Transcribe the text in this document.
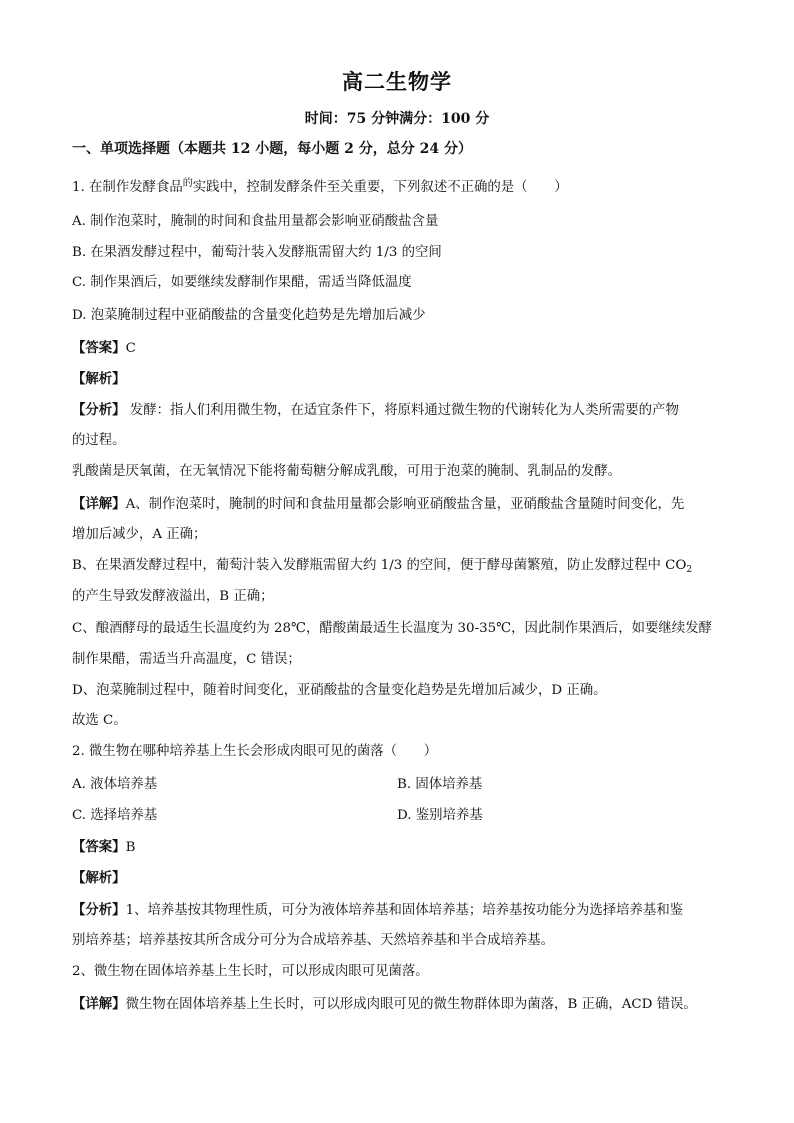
高二生物学
时间：75 分钟满分：100 分
一、单项选择题（本题共 12 小题，每小题 2 分，总分 24 分）
1. 在制作发酵食品$^的$实践中，控制发酵条件至关重要，下列叙述不正确的是（　　）
A. 制作泡菜时，腌制的时间和食盐用量都会影响亚硝酸盐含量
B. 在果酒发酵过程中，葡萄汁装入发酵瓶需留大约 1/3 的空间
C. 制作果酒后，如要继续发酵制作果醋，需适当降低温度
D. 泡菜腌制过程中亚硝酸盐的含量变化趋势是先增加后减少
【答案】C
【解析】
【分析】 发酵：指人们利用微生物，在适宜条件下，将原料通过微生物的代谢转化为人类所需要的产物
的过程。
乳酸菌是厌氧菌，在无氧情况下能将葡萄糖分解成乳酸，可用于泡菜的腌制、乳制品的发酵。
【详解】A、制作泡菜时，腌制的时间和食盐用量都会影响亚硝酸盐含量，亚硝酸盐含量随时间变化，先
增加后减少，A 正确；
B、在果酒发酵过程中，葡萄汁装入发酵瓶需留大约 1/3 的空间，便于酵母菌繁殖，防止发酵过程中 $CO_2$
的产生导致发酵液溢出，B 正确；
C、酿酒酵母的最适生长温度约为 28℃，醋酸菌最适生长温度为 30-35℃，因此制作果酒后，如要继续发酵
制作果醋，需适当升高温度，C 错误；
D、泡菜腌制过程中，随着时间变化，亚硝酸盐的含量变化趋势是先增加后减少，D 正确。
故选 C。
2. 微生物在哪种培养基上生长会形成肉眼可见的菌落（　　）
A. 液体培养基	B. 固体培养基
C. 选择培养基	D. 鉴别培养基
【答案】B
【解析】
【分析】1、培养基按其物理性质，可分为液体培养基和固体培养基；培养基按功能分为选择培养基和鉴
别培养基；培养基按其所含成分可分为合成培养基、天然培养基和半合成培养基。
2、微生物在固体培养基上生长时，可以形成肉眼可见菌落。
【详解】微生物在固体培养基上生长时，可以形成肉眼可见的微生物群体即为菌落，B 正确，ACD 错误。
